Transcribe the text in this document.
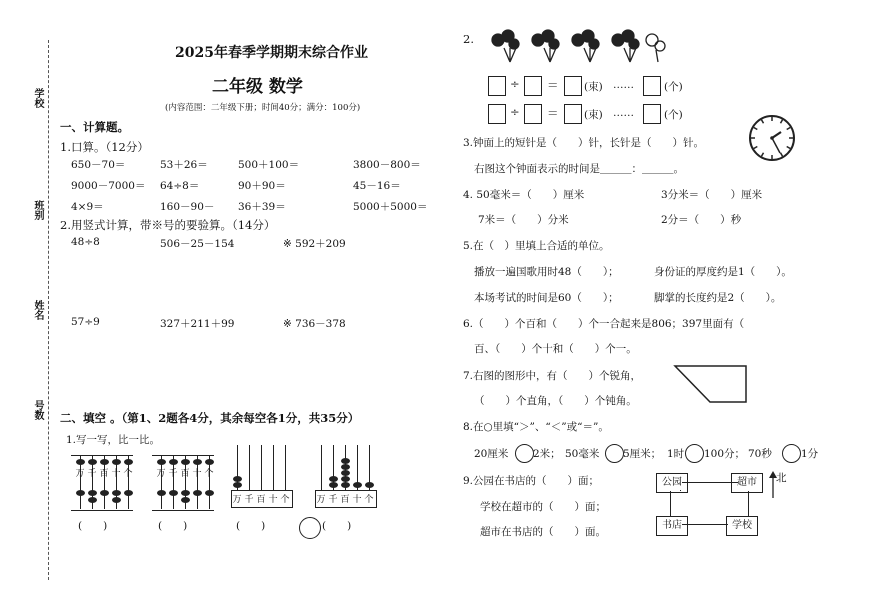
学校
班别
姓名
号数
2025年春季学期期末综合作业
二年级 数学
(内容范围：二年级下册；时间40分；满分：100分)
一、计算题。
1.口算。（12分）
650－70＝	53＋26＝	500＋100＝	3800－800＝
9000－7000＝ 64÷8＝	90＋90＝	45－16＝
4×9＝	160－90－ 36＋39＝	5000＋5000＝
2.用竖式计算，带※号的要验算。（14分）
48÷8	506－25－154	※ 592＋209
57÷9	327＋211＋99	※ 736－378
二、填空 。（第1、2题各4分，其余每空各1分，共35分）
1.写一写，比一比。
万 千 百 十 个
(　　)
万 千 百 十 个
(　　)
万 千 百 十 个
(　　)
万 千 百 十 个
(　　)
2.
÷ ＝ (束) ……	(个)
÷ ＝ (束) ……	(个)
3.钟面上的短针是（　　）针，长针是（　　）针。
右图这个钟面表示的时间是＿＿＿：＿＿＿。
4. 50毫米＝（　　）厘米	3分米＝（　　）厘米
7米＝（　　）分米	2分＝（　　）秒
5.在（　）里填上合适的单位。
播放一遍国歌用时48（　　）；	身份证的厚度约是1（　　）。
本场考试的时间是60（　　）；	脚掌的长度约是2（　　）。
6.（　　）个百和（　　）个一合起来是806；397里面有（
百、（　　）个十和（　　）个一。
7.右图的图形中，有（　　）个锐角，
（　　）个直角，（　　）个钝角。
8.在○里填“＞”、“＜”或“＝”。
20厘米 2米； 50毫米 5厘米； 1时 100分； 70秒	1分
9.公园在书店的（　　）面；
学校在超市的（　　）面；
超市在书店的（　　）面。
公园	超市
书店	学校
北
